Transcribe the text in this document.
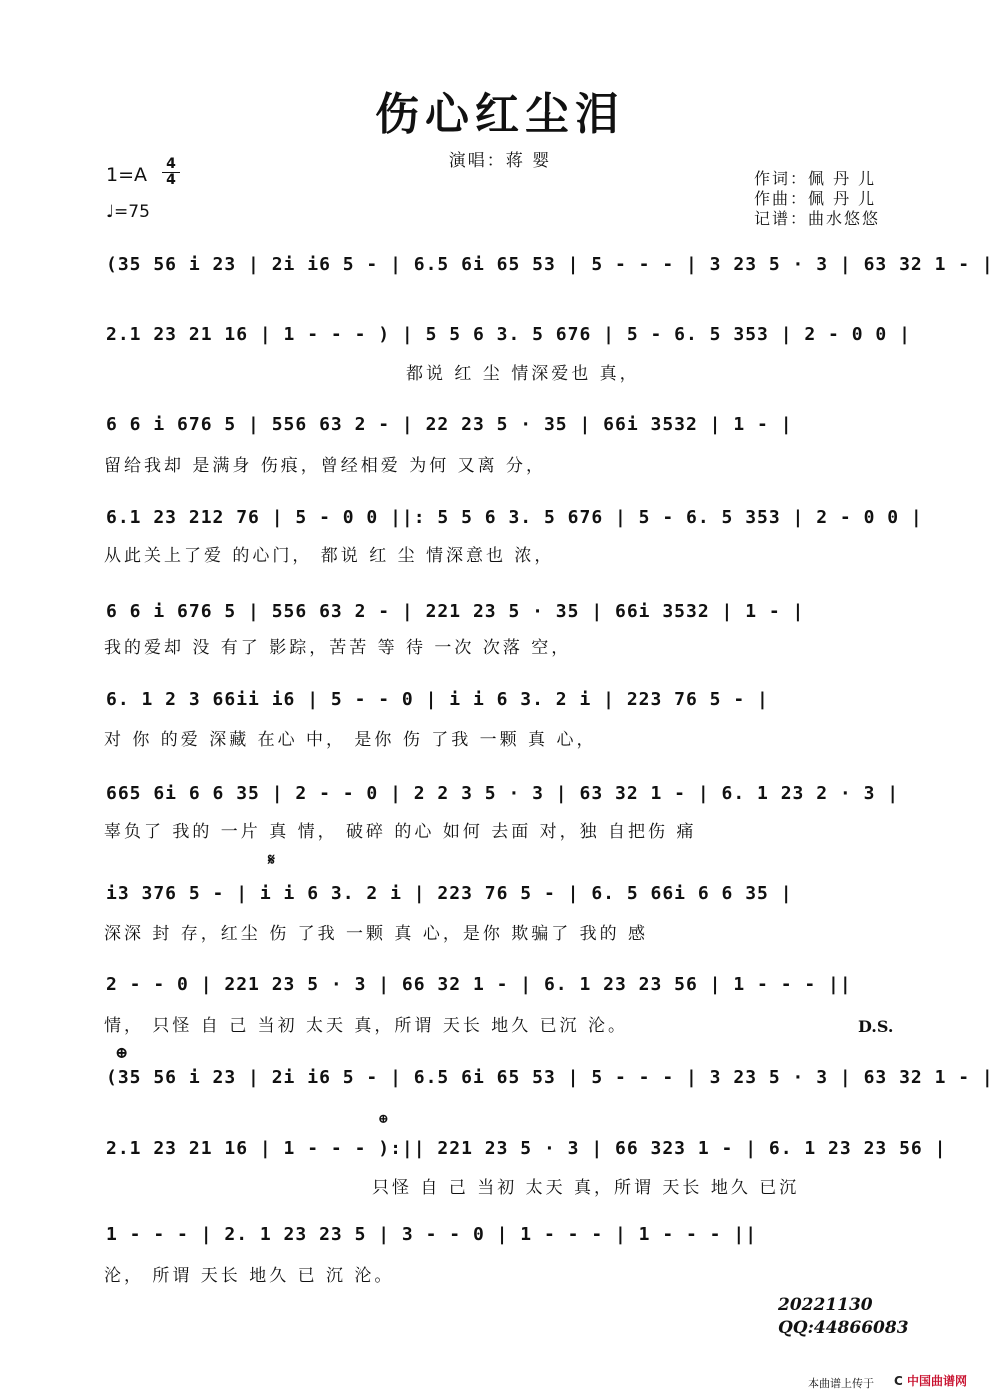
伤心红尘泪
演唱：蒋 婴
1=A 4
4
♩=75
作词：佩 丹 儿
作曲：佩 丹 儿
记谱：曲水悠悠
(35 56 i 23 | 2i i6 5 - | 6.5 6i 65 53 | 5 - - - | 3 23 5 · 3 | 63 32 1 - |
2.1 23 21 16 | 1 - - - ) | 5 5 6 3. 5 676 | 5 - 6. 5 353 | 2 - 0 0 |
都说 红 尘 情深爱也 真，
6 6 i 676 5 | 556 63 2 - | 22 23 5 · 35 | 66i 3532 | 1 - |
留给我却 是满身 伤痕，曾经相爱 为何 又离 分，
6.1 23 212 76 | 5 - 0 0 ||: 5 5 6 3. 5 676 | 5 - 6. 5 353 | 2 - 0 0 |
从此关上了爱 的心门， 都说 红 尘 情深意也 浓，
6 6 i 676 5 | 556 63 2 - | 221 23 5 · 35 | 66i 3532 | 1 - |
我的爱却 没 有了 影踪，苦苦 等 待 一次 次落 空，
6. 1 2 3 66ii i6 | 5 - - 0 | i i 6 3. 2 i | 223 76 5 - |
对 你 的爱 深藏 在心 中， 是你 伤 了我 一颗 真 心，
665 6i 6 6 35 | 2 - - 0 | 2 2 3 5 · 3 | 63 32 1 - | 6. 1 23 2 · 3 |
辜负了 我的 一片 真 情， 破碎 的心 如何 去面 对，独 自把伤 痛
𝄋
i3 376 5 - | i i 6 3. 2 i | 223 76 5 - | 6. 5 66i 6 6 35 |
深深 封 存，红尘 伤 了我 一颗 真 心，是你 欺骗了 我的 感
2 - - 0 | 221 23 5 · 3 | 66 32 1 - | 6. 1 23 23 56 | 1 - - - ||
情， 只怪 自 己 当初 太天 真，所谓 天长 地久 已沉 沦。	D.S.
⊕
(35 56 i 23 | 2i i6 5 - | 6.5 6i 65 53 | 5 - - - | 3 23 5 · 3 | 63 32 1 - |
⊕
2.1 23 21 16 | 1 - - - ):|| 221 23 5 · 3 | 66 323 1 - | 6. 1 23 23 56 |
只怪 自 己 当初 太天 真，所谓 天长 地久 已沉
1 - - - | 2. 1 23 23 5 | 3 - - 0 | 1 - - - | 1 - - - ||
沦， 所谓 天长 地久 已 沉 沦。
20221130
QQ:44866083
本曲谱上传于 C 中国曲谱网
